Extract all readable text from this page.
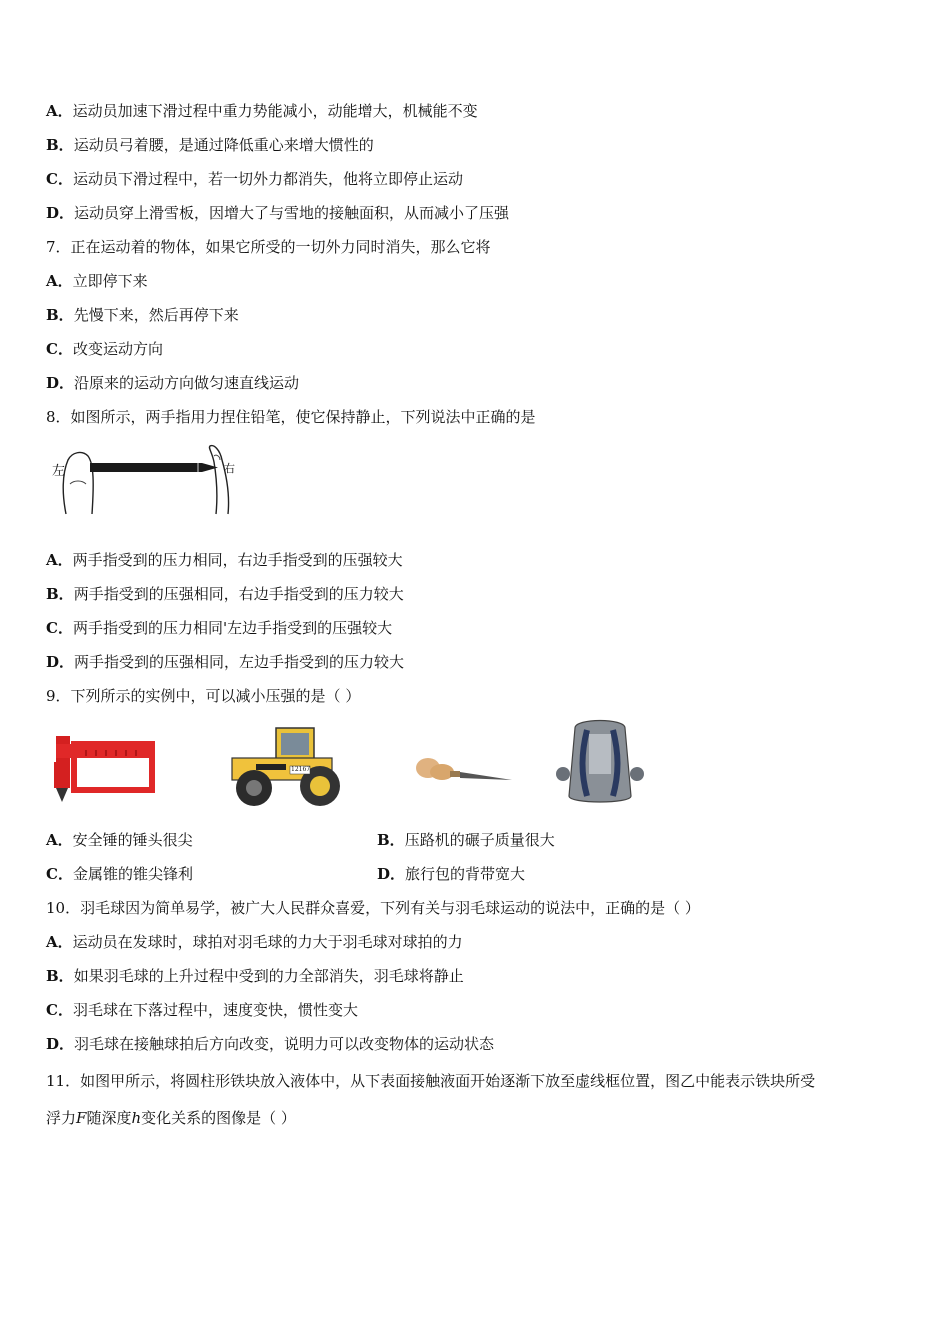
A．运动员加速下滑过程中重力势能减小，动能增大，机械能不变
B．运动员弓着腰，是通过降低重心来增大惯性的
C．运动员下滑过程中，若一切外力都消失，他将立即停止运动
D．运动员穿上滑雪板，因增大了与雪地的接触面积，从而减小了压强
7．正在运动着的物体，如果它所受的一切外力同时消失，那么它将
A．立即停下来
B．先慢下来，然后再停下来
C．改变运动方向
D．沿原来的运动方向做匀速直线运动
8．如图所示，两手指用力捏住铅笔，使它保持静止，下列说法中正确的是
左	右
A．两手指受到的压力相同，右边手指受到的压强较大
B．两手指受到的压强相同，右边手指受到的压力较大
C．两手指受到的压力相同'左边手指受到的压强较大
D．两手指受到的压强相同，左边手指受到的压力较大
9．下列所示的实例中，可以减小压强的是（ ）
12167
A．安全锤的锤头很尖	B．压路机的碾子质量很大
C．金属锥的锥尖锋利	D．旅行包的背带宽大
10．羽毛球因为简单易学，被广大人民群众喜爱，下列有关与羽毛球运动的说法中，正确的是（ ）
A．运动员在发球时，球拍对羽毛球的力大于羽毛球对球拍的力
B．如果羽毛球的上升过程中受到的力全部消失，羽毛球将静止
C．羽毛球在下落过程中，速度变快，惯性变大
D．羽毛球在接触球拍后方向改变，说明力可以改变物体的运动状态
11．如图甲所示，将圆柱形铁块放入液体中，从下表面接触液面开始逐渐下放至虚线框位置，图乙中能表示铁块所受
浮力F随深度h变化关系的图像是（ ）
